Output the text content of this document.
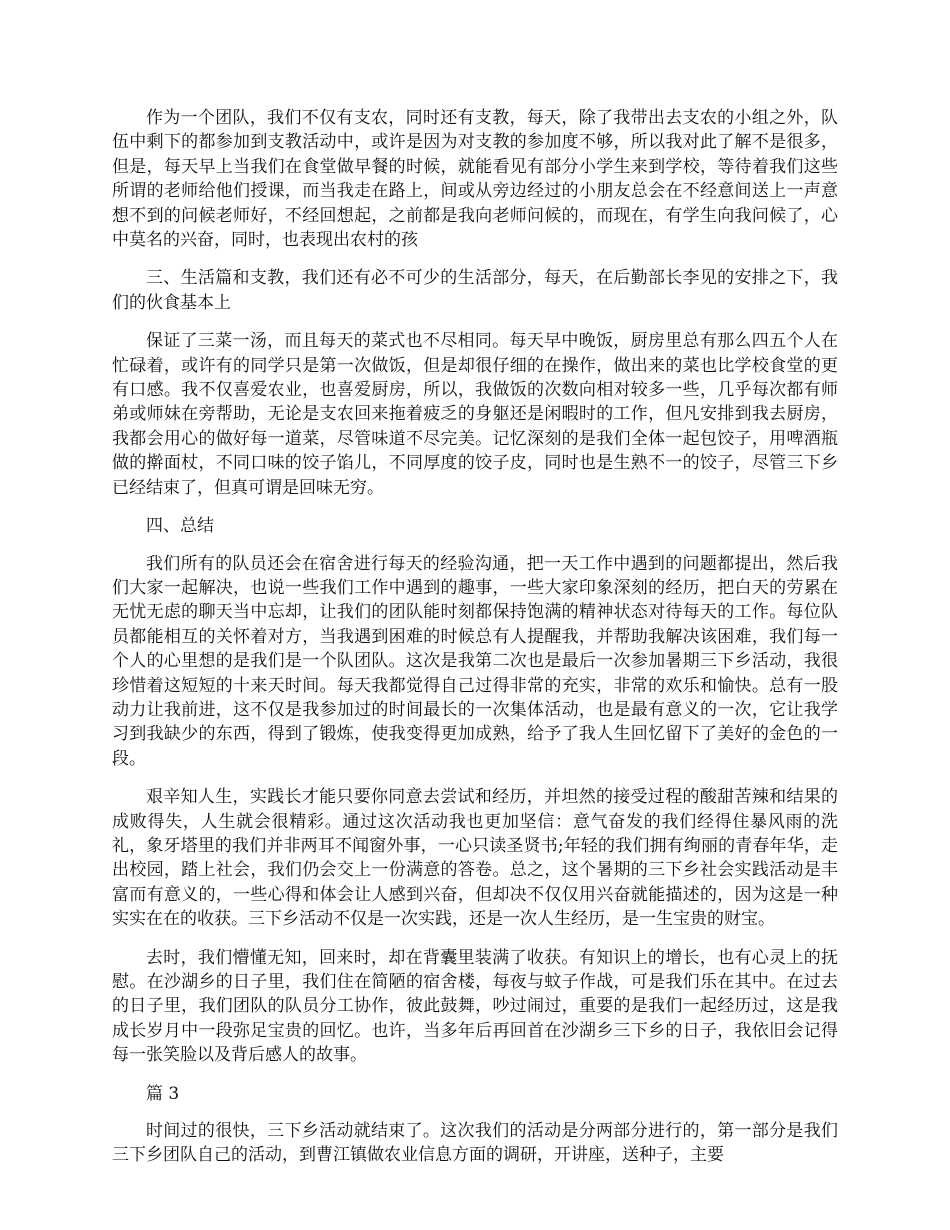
作为一个团队，我们不仅有支农，同时还有支教，每天，除了我带出去支农的小组之外，队伍中剩下的都参加到支教活动中，或许是因为对支教的参加度不够，所以我对此了解不是很多，但是，每天早上当我们在食堂做早餐的时候，就能看见有部分小学生来到学校，等待着我们这些所谓的老师给他们授课，而当我走在路上，间或从旁边经过的小朋友总会在不经意间送上一声意想不到的问候老师好，不经回想起，之前都是我向老师问候的，而现在，有学生向我问候了，心中莫名的兴奋，同时，也表现出农村的孩

三、生活篇和支教，我们还有必不可少的生活部分，每天，在后勤部长李见的安排之下，我们的伙食基本上

保证了三菜一汤，而且每天的菜式也不尽相同。每天早中晚饭，厨房里总有那么四五个人在忙碌着，或许有的同学只是第一次做饭，但是却很仔细的在操作，做出来的菜也比学校食堂的更有口感。我不仅喜爱农业，也喜爱厨房，所以，我做饭的次数向相对较多一些，几乎每次都有师弟或师妹在旁帮助，无论是支农回来拖着疲乏的身躯还是闲暇时的工作，但凡安排到我去厨房，我都会用心的做好每一道菜，尽管味道不尽完美。记忆深刻的是我们全体一起包饺子，用啤酒瓶做的擀面杖，不同口味的饺子馅儿，不同厚度的饺子皮，同时也是生熟不一的饺子，尽管三下乡已经结束了，但真可谓是回味无穷。

四、总结

我们所有的队员还会在宿舍进行每天的经验沟通，把一天工作中遇到的问题都提出，然后我们大家一起解决，也说一些我们工作中遇到的趣事，一些大家印象深刻的经历，把白天的劳累在无忧无虑的聊天当中忘却，让我们的团队能时刻都保持饱满的精神状态对待每天的工作。每位队员都能相互的关怀着对方，当我遇到困难的时候总有人提醒我，并帮助我解决该困难，我们每一个人的心里想的是我们是一个队团队。这次是我第二次也是最后一次参加暑期三下乡活动，我很珍惜着这短短的十来天时间。每天我都觉得自己过得非常的充实，非常的欢乐和愉快。总有一股动力让我前进，这不仅是我参加过的时间最长的一次集体活动，也是最有意义的一次，它让我学习到我缺少的东西，得到了锻炼，使我变得更加成熟，给予了我人生回忆留下了美好的金色的一段。

艰辛知人生，实践长才能只要你同意去尝试和经历，并坦然的接受过程的酸甜苦辣和结果的成败得失，人生就会很精彩。通过这次活动我也更加坚信：意气奋发的我们经得住暴风雨的洗礼，象牙塔里的我们并非两耳不闻窗外事，一心只读圣贤书;年轻的我们拥有绚丽的青春年华，走出校园，踏上社会，我们仍会交上一份满意的答卷。总之，这个暑期的三下乡社会实践活动是丰富而有意义的，一些心得和体会让人感到兴奋，但却决不仅仅用兴奋就能描述的，因为这是一种实实在在的收获。三下乡活动不仅是一次实践，还是一次人生经历，是一生宝贵的财宝。

去时，我们懵懂无知，回来时，却在背囊里装满了收获。有知识上的增长，也有心灵上的抚慰。在沙湖乡的日子里，我们住在简陋的宿舍楼，每夜与蚊子作战，可是我们乐在其中。在过去的日子里，我们团队的队员分工协作，彼此鼓舞，吵过闹过，重要的是我们一起经历过，这是我成长岁月中一段弥足宝贵的回忆。也许，当多年后再回首在沙湖乡三下乡的日子，我依旧会记得每一张笑脸以及背后感人的故事。

篇 3

时间过的很快，三下乡活动就结束了。这次我们的活动是分两部分进行的，第一部分是我们三下乡团队自己的活动，到曹江镇做农业信息方面的调研，开讲座，送种子，主要
